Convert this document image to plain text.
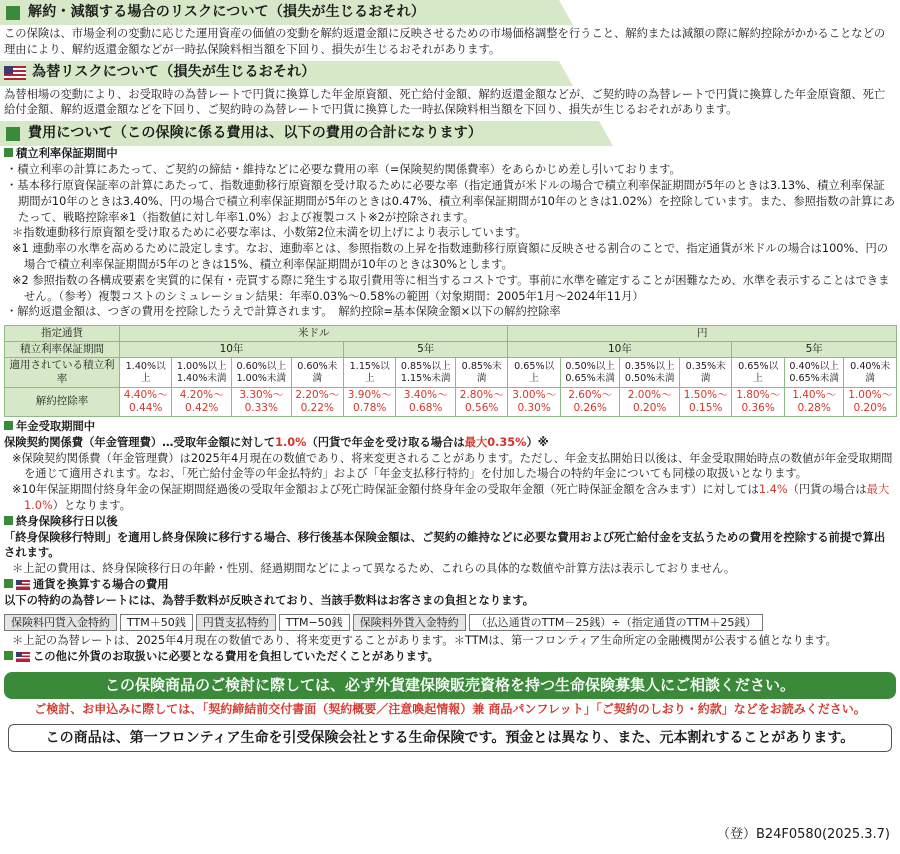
解約・減額する場合のリスクについて（損失が生じるおそれ）
この保険は、市場金利の変動に応じた運用資産の価値の変動を解約返還金額に反映させるための市場価格調整を行うこと、解約または減額の際に解約控除がかかることなどの理由により、解約返還金額などが一時払保険料相当額を下回り、損失が生じるおそれがあります。
為替リスクについて（損失が生じるおそれ）
為替相場の変動により、お受取時の為替レートで円貨に換算した年金原資額、死亡給付金額、解約返還金額などが、ご契約時の為替レートで円貨に換算した年金原資額、死亡給付金額、解約返還金額などを下回り、ご契約時の為替レートで円貨に換算した一時払保険料相当額を下回り、損失が生じるおそれがあります。
費用について（この保険に係る費用は、以下の費用の合計になります）
積立利率保証期間中
・積立利率の計算にあたって、ご契約の締結・維持などに必要な費用の率（=保険契約関係費率）をあらかじめ差し引いております。
・基本移行原資保証率の計算にあたって、指数連動移行原資額を受け取るために必要な率（指定通貨が米ドルの場合で積立利率保証期間が5年のときは3.13%、積立利率保証期間が10年のときは3.40%、円の場合で積立利率保証期間が5年のときは0.47%、積立利率保証期間が10年のときは1.02%）を控除しています。また、参照指数の計算にあたって、戦略控除率※1（指数値に対し年率1.0%）および複製コスト※2が控除されます。
＊指数連動移行原資額を受け取るために必要な率は、小数第2位未満を切上げにより表示しています。
※1 連動率の水準を高めるために設定します。なお、連動率とは、参照指数の上昇を指数連動移行原資額に反映させる割合のことで、指定通貨が米ドルの場合は100%、円の場合で積立利率保証期間が5年のときは15%、積立利率保証期間が10年のときは30%とします。
※2 参照指数の各構成要素を実質的に保有・売買する際に発生する取引費用等に相当するコストです。事前に水準を確定することが困難なため、水準を表示することはできません。（参考）複製コストのシミュレーション結果：年率0.03%～0.58%の範囲（対象期間：2005年1月～2024年11月）
・解約返還金額は、つぎの費用を控除したうえで計算されます。　解約控除=基本保険金額×以下の解約控除率
指定通貨	米ドル							円						
積立利率保証期間	10年				5年			10年				5年		
適用されている積立利率	1.40%以上	1.00%以上1.40%未満	0.60%以上1.00%未満	0.60%未満	1.15%以上	0.85%以上1.15%未満	0.85%未満	0.65%以上	0.50%以上0.65%未満	0.35%以上0.50%未満	0.35%未満	0.65%以上	0.40%以上0.65%未満	0.40%未満
解約控除率	4.40%～0.44%	4.20%～0.42%	3.30%～0.33%	2.20%～0.22%	3.90%～0.78%	3.40%～0.68%	2.80%～0.56%	3.00%～0.30%	2.60%～0.26%	2.00%～0.20%	1.50%～0.15%	1.80%～0.36%	1.40%～0.28%	1.00%～0.20%
年金受取期間中
保険契約関係費（年金管理費）…受取年金額に対して1.0%（円貨で年金を受け取る場合は最大0.35%）※
※保険契約関係費（年金管理費）は2025年4月現在の数値であり、将来変更されることがあります。ただし、年金支払開始日以後は、年金受取開始時点の数値が年金受取期間を通じて適用されます。なお、「死亡給付金等の年金払特約」および「年金支払移行特約」を付加した場合の特約年金についても同様の取扱いとなります。
※10年保証期間付終身年金の保証期間経過後の受取年金額および死亡時保証金額付終身年金の受取年金額（死亡時保証金額を含みます）に対しては1.4%（円貨の場合は最大1.0%）となります。
終身保険移行日以後
「終身保険移行特則」を適用し終身保険に移行する場合、移行後基本保険金額は、ご契約の維持などに必要な費用および死亡給付金を支払うための費用を控除する前提で算出されます。
＊上記の費用は、終身保険移行日の年齢・性別、経過期間などによって異なるため、これらの具体的な数値や計算方法は表示しておりません。
通貨を換算する場合の費用
以下の特約の為替レートには、為替手数料が反映されており、当該手数料はお客さまの負担となります。
保険料円貨入金特約	TTM＋50銭	円貨支払特約	TTM−50銭	保険料外貨入金特約	（払込通貨のTTM－25銭）÷（指定通貨のTTM＋25銭）
＊上記の為替レートは、2025年4月現在の数値であり、将来変更することがあります。＊TTMは、第一フロンティア生命所定の金融機関が公表する値となります。
この他に外貨のお取扱いに必要となる費用を負担していただくことがあります。
この保険商品のご検討に際しては、必ず外貨建保険販売資格を持つ生命保険募集人にご相談ください。
ご検討、お申込みに際しては、「契約締結前交付書面（契約概要／注意喚起情報）兼 商品パンフレット」「ご契約のしおり・約款」などをお読みください。
この商品は、第一フロンティア生命を引受保険会社とする生命保険です。預金とは異なり、また、元本割れすることがあります。
（登）B24F0580(2025.3.7)
